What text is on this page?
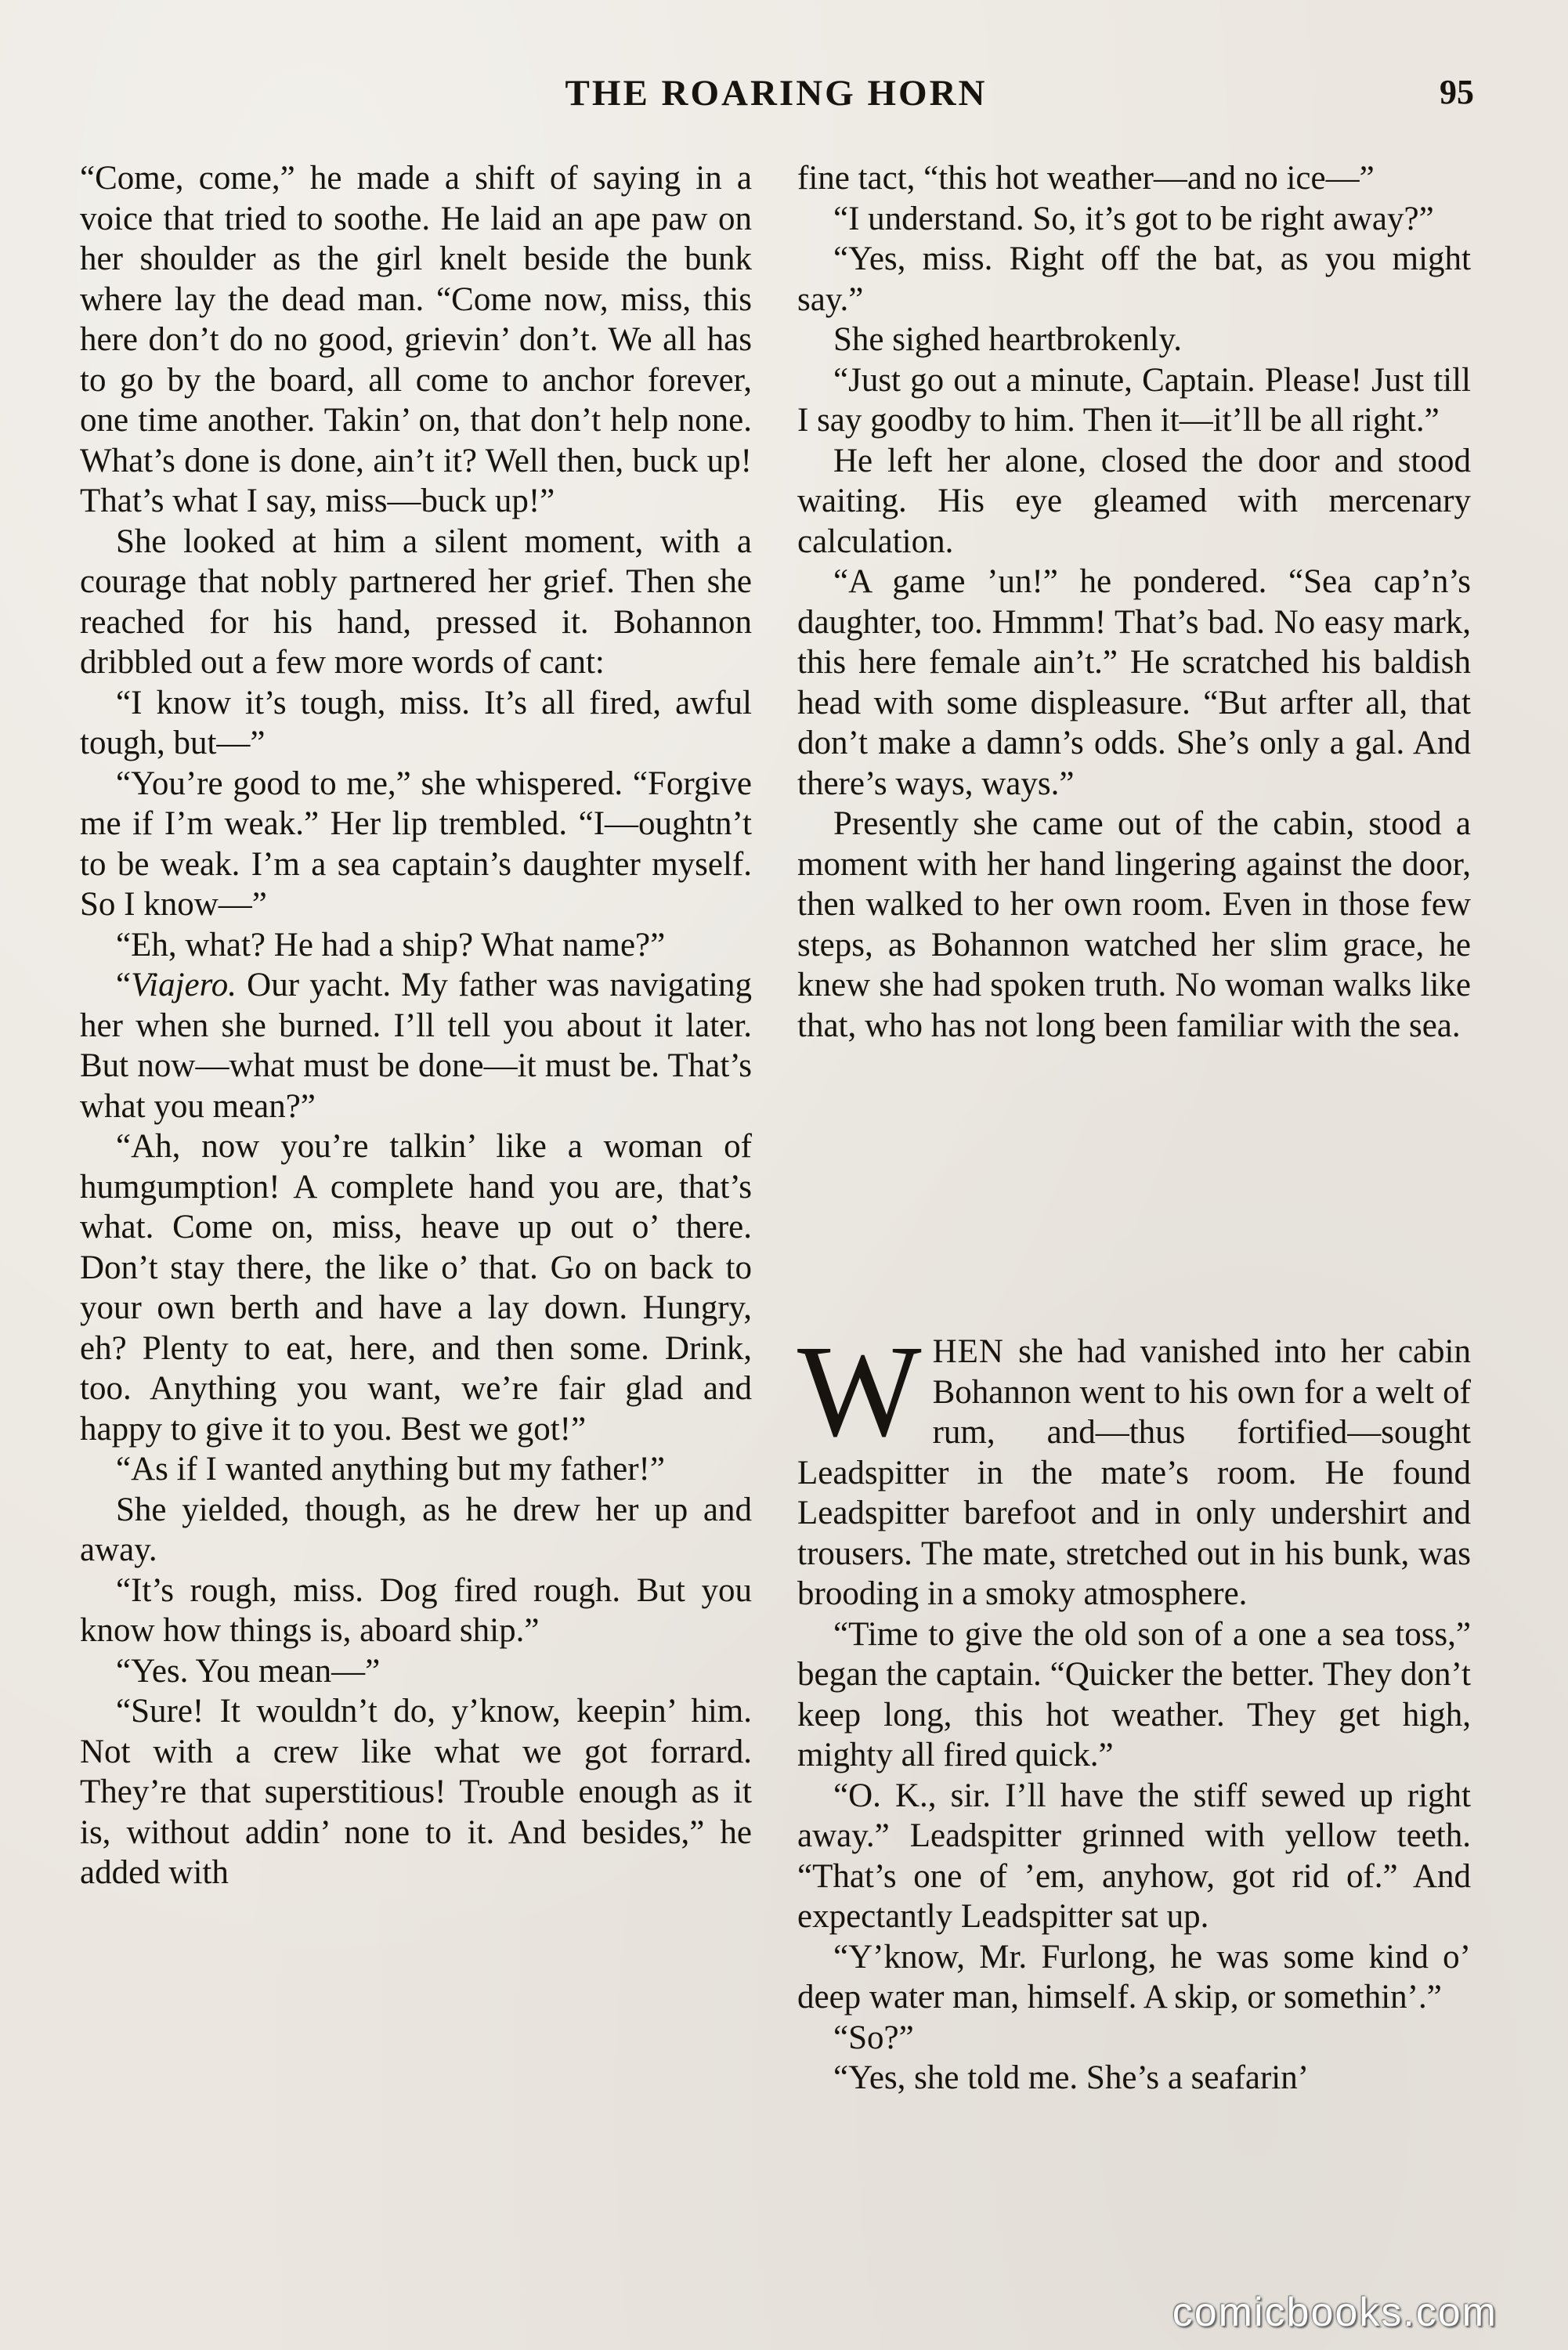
THE ROARING HORN	95

“Come, come,” he made a shift of saying in a voice that tried to soothe. He laid an ape paw on her shoulder as the girl knelt beside the bunk where lay the dead man. “Come now, miss, this here don’t do no good, grievin’ don’t. We all has to go by the board, all come to anchor forever, one time another. Takin’ on, that don’t help none. What’s done is done, ain’t it? Well then, buck up! That’s what I say, miss—buck up!”

She looked at him a silent moment, with a courage that nobly partnered her grief. Then she reached for his hand, pressed it. Bohannon dribbled out a few more words of cant:

“I know it’s tough, miss. It’s all fired, awful tough, but—”

“You’re good to me,” she whispered. “Forgive me if I’m weak.” Her lip trembled. “I—oughtn’t to be weak. I’m a sea captain’s daughter myself. So I know—”

“Eh, what? He had a ship? What name?”

“Viajero. Our yacht. My father was navigating her when she burned. I’ll tell you about it later. But now—what must be done—it must be. That’s what you mean?”

“Ah, now you’re talkin’ like a woman of humgumption! A complete hand you are, that’s what. Come on, miss, heave up out o’ there. Don’t stay there, the like o’ that. Go on back to your own berth and have a lay down. Hungry, eh? Plenty to eat, here, and then some. Drink, too. Anything you want, we’re fair glad and happy to give it to you. Best we got!”

“As if I wanted anything but my father!”

She yielded, though, as he drew her up and away.

“It’s rough, miss. Dog fired rough. But you know how things is, aboard ship.”

“Yes. You mean—”

“Sure! It wouldn’t do, y’know, keepin’ him. Not with a crew like what we got forrard. They’re that superstitious! Trouble enough as it is, without addin’ none to it. And besides,” he added with

fine tact, “this hot weather—and no ice—”

“I understand. So, it’s got to be right away?”

“Yes, miss. Right off the bat, as you might say.”

She sighed heartbrokenly.

“Just go out a minute, Captain. Please! Just till I say goodby to him. Then it—it’ll be all right.”

He left her alone, closed the door and stood waiting. His eye gleamed with mercenary calculation.

“A game ’un!” he pondered. “Sea cap’n’s daughter, too. Hmmm! That’s bad. No easy mark, this here female ain’t.” He scratched his baldish head with some displeasure. “But arfter all, that don’t make a damn’s odds. She’s only a gal. And there’s ways, ways.”

Presently she came out of the cabin, stood a moment with her hand lingering against the door, then walked to her own room. Even in those few steps, as Bohannon watched her slim grace, he knew she had spoken truth. No woman walks like that, who has not long been familiar with the sea.

WHEN she had vanished into her cabin Bohannon went to his own for a welt of rum, and—thus fortified—sought Leadspitter in the mate’s room. He found Leadspitter barefoot and in only undershirt and trousers. The mate, stretched out in his bunk, was brooding in a smoky atmosphere.

“Time to give the old son of a one a sea toss,” began the captain. “Quicker the better. They don’t keep long, this hot weather. They get high, mighty all fired quick.”

“O. K., sir. I’ll have the stiff sewed up right away.” Leadspitter grinned with yellow teeth. “That’s one of ’em, anyhow, got rid of.” And expectantly Leadspitter sat up.

“Y’know, Mr. Furlong, he was some kind o’ deep water man, himself. A skip, or somethin’.”

“So?”

“Yes, she told me. She’s a seafarin’

comicbooks.com
